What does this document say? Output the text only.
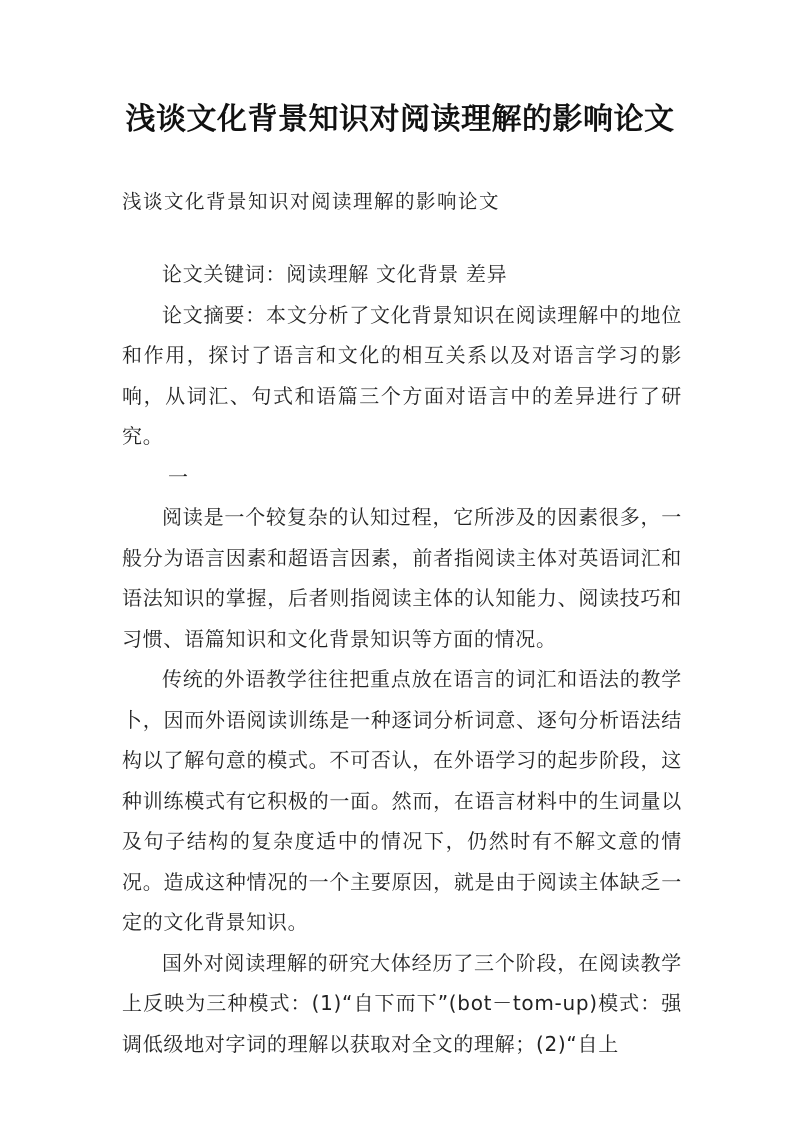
浅谈文化背景知识对阅读理解的影响论文
浅谈文化背景知识对阅读理解的影响论文

论文关键词：阅读理解 文化背景 差异

论文摘要：本文分析了文化背景知识在阅读理解中的地位和作用，探讨了语言和文化的相互关系以及对语言学习的影响，从词汇、句式和语篇三个方面对语言中的差异进行了研究。

一

阅读是一个较复杂的认知过程，它所涉及的因素很多，一般分为语言因素和超语言因素，前者指阅读主体对英语词汇和语法知识的掌握，后者则指阅读主体的认知能力、阅读技巧和习惯、语篇知识和文化背景知识等方面的情况。

传统的外语教学往往把重点放在语言的词汇和语法的教学卜，因而外语阅读训练是一种逐词分析词意、逐句分析语法结构以了解句意的模式。不可否认，在外语学习的起步阶段，这种训练模式有它积极的一面。然而，在语言材料中的生词量以及句子结构的复杂度适中的情况下，仍然时有不解文意的情况。造成这种情况的一个主要原因，就是由于阅读主体缺乏一定的文化背景知识。

国外对阅读理解的研究大体经历了三个阶段，在阅读教学上反映为三种模式：(1)“自下而下”(bot－tom-up)模式：强调低级地对字词的理解以获取对全文的理解；(2)“自上
